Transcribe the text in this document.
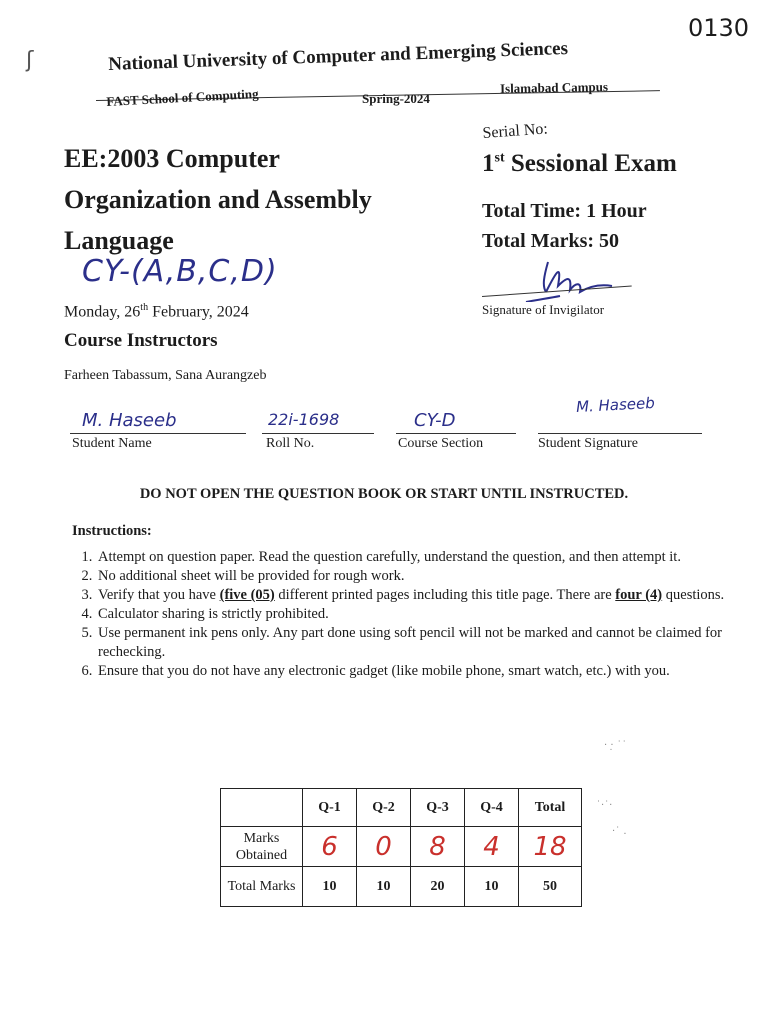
0130
ʃ	National University of Computer and Emerging Sciences
FAST School of Computing	Spring-2024
Islamabad Campus
EE:2003 Computer
Organization and Assembly
Language
CY-(A,B,C,D)
Serial No:
1st Sessional Exam
Total Time: 1 Hour
Total Marks: 50
Signature of Invigilator
Monday, 26th February, 2024
Course Instructors
Farheen Tabassum, Sana Aurangzeb
M. Haseeb
Student Name
22i-1698
Roll No.
CY-D
Course Section
M. Haseeb
Student Signature
DO NOT OPEN THE QUESTION BOOK OR START UNTIL INSTRUCTED.
Instructions:
1. Attempt on question paper. Read the question carefully, understand the question, and then attempt it.
2. No additional sheet will be provided for rough work.
3. Verify that you have (five (05) different printed pages including this title page. There are four (4) questions.
4. Calculator sharing is strictly prohibited.
5. Use permanent ink pens only. Any part done using soft pencil will not be marked and cannot be claimed for rechecking.
6. Ensure that you do not have any electronic gadget (like mobile phone, smart watch, etc.) with you.
· ·̣ ˙˙
˙·˙·
·˙ .
	Q-1	Q-2	Q-3	Q-4	Total
Marks Obtained	6	0	8	4	18
Total Marks	10	10	20	10	50
